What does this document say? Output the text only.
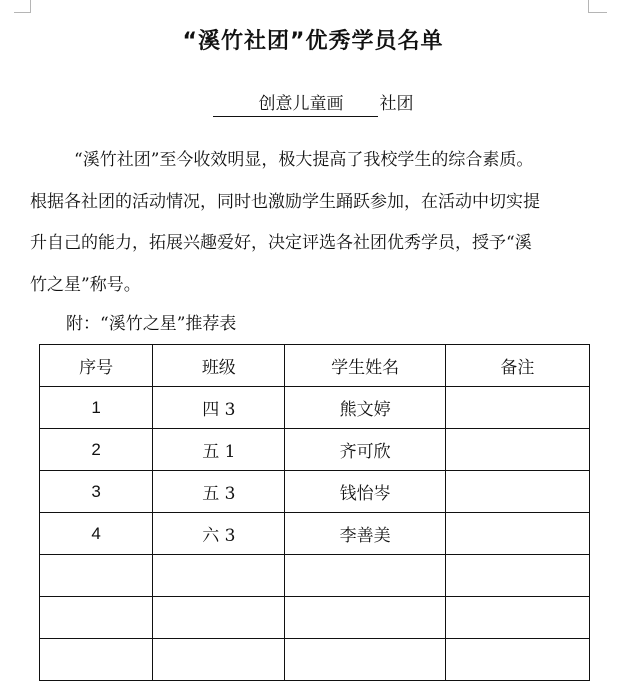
“溪竹社团”优秀学员名单
创意儿童画 社团
“溪竹社团”至今收效明显，极大提高了我校学生的综合素质。
根据各社团的活动情况，同时也激励学生踊跃参加，在活动中切实提
升自己的能力，拓展兴趣爱好，决定评选各社团优秀学员，授予“溪
竹之星”称号。
附：“溪竹之星”推荐表
序号	班级	学生姓名	备注
1	四 3	熊文婷	
2	五 1	齐可欣	
3	五 3	钱怡岑	
4	六 3	李善美	
